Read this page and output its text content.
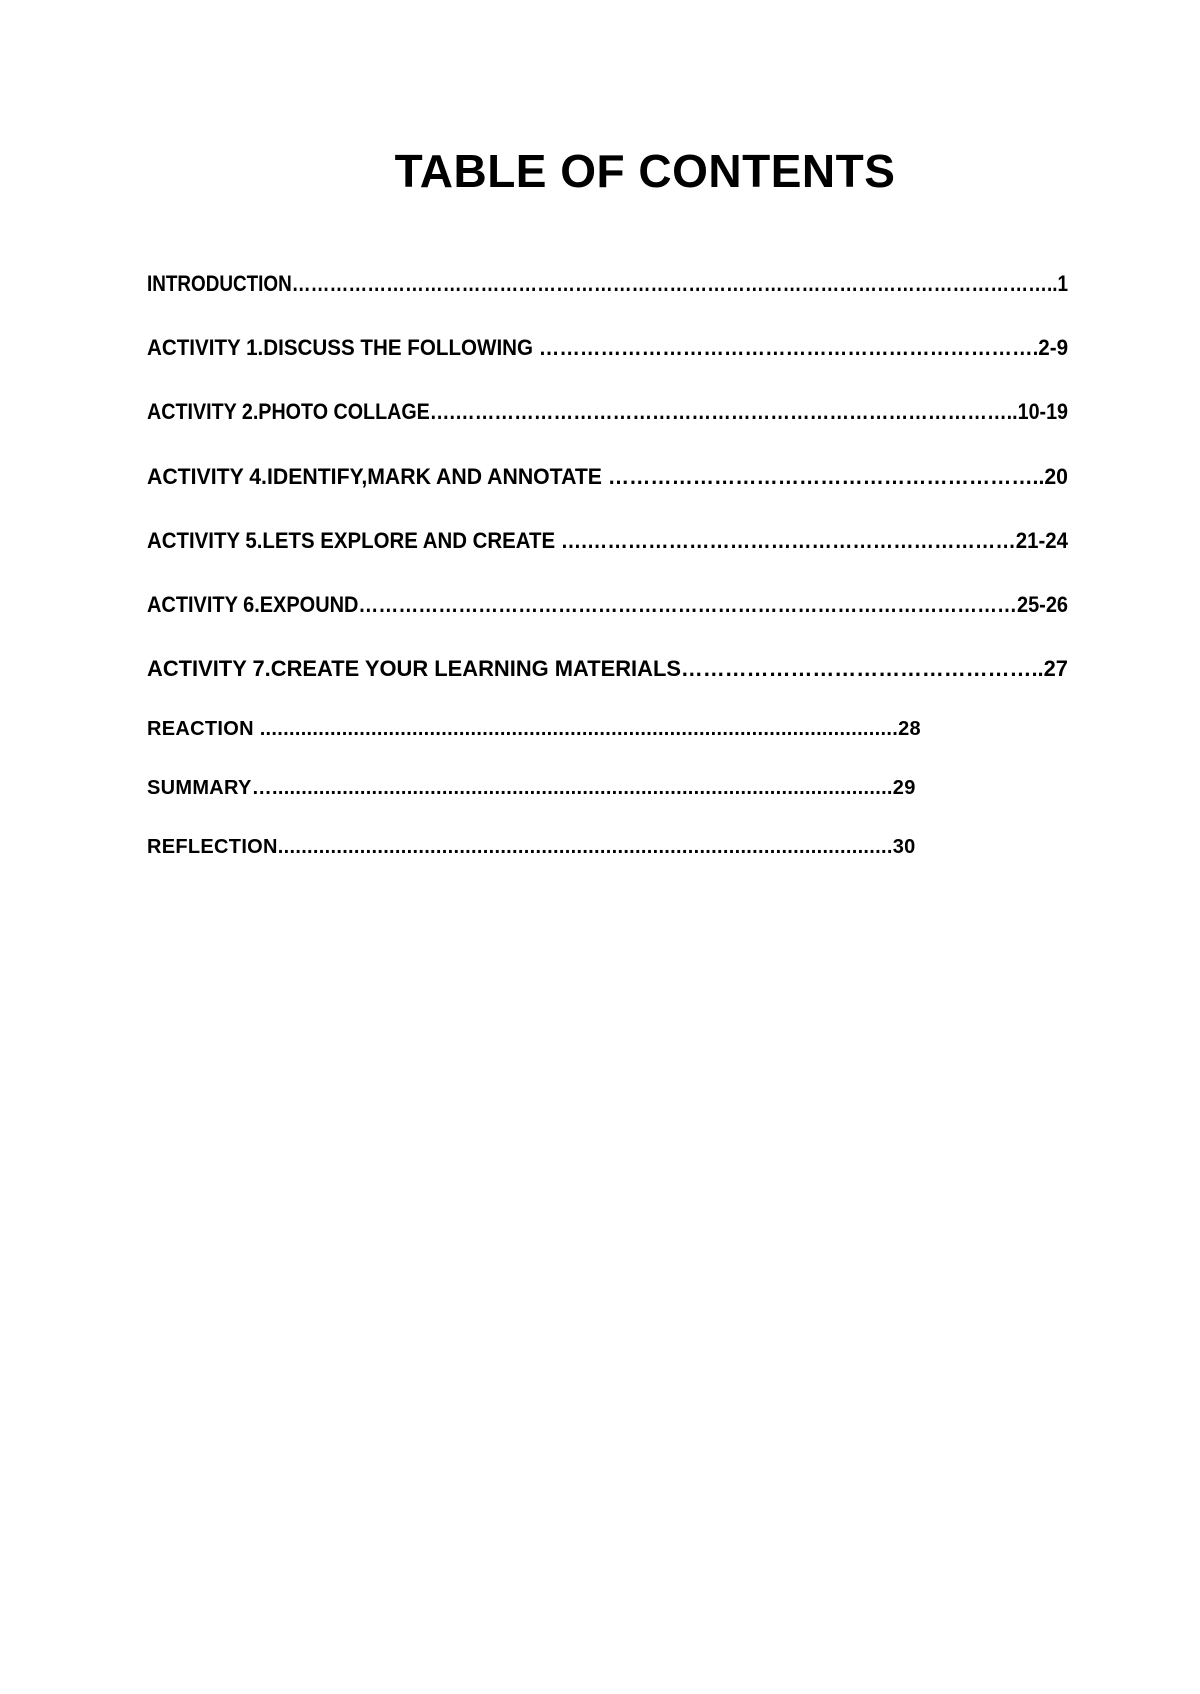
TABLE OF CONTENTS
INTRODUCTION…………………………………………………………………………………………………………..1
ACTIVITY 1.DISCUSS THE FOLLOWING ……………………………………………………………….2-9
ACTIVITY 2.PHOTO COLLAGE….…………………………………………………………………………..10-19
ACTIVITY 4.IDENTIFY,MARK AND ANNOTATE ……………………………………………………..20
ACTIVITY 5.LETS EXPLORE AND CREATE ….………………………………………………………21-24
ACTIVITY 6.EXPOUND………………………………………………………………………………………25-26
ACTIVITY 7.CREATE YOUR LEARNING MATERIALS…………………………………………..27
REACTION .............................................................................................................28
SUMMARY…..........................................................................................................29
REFLECTION.........................................................................................................30
